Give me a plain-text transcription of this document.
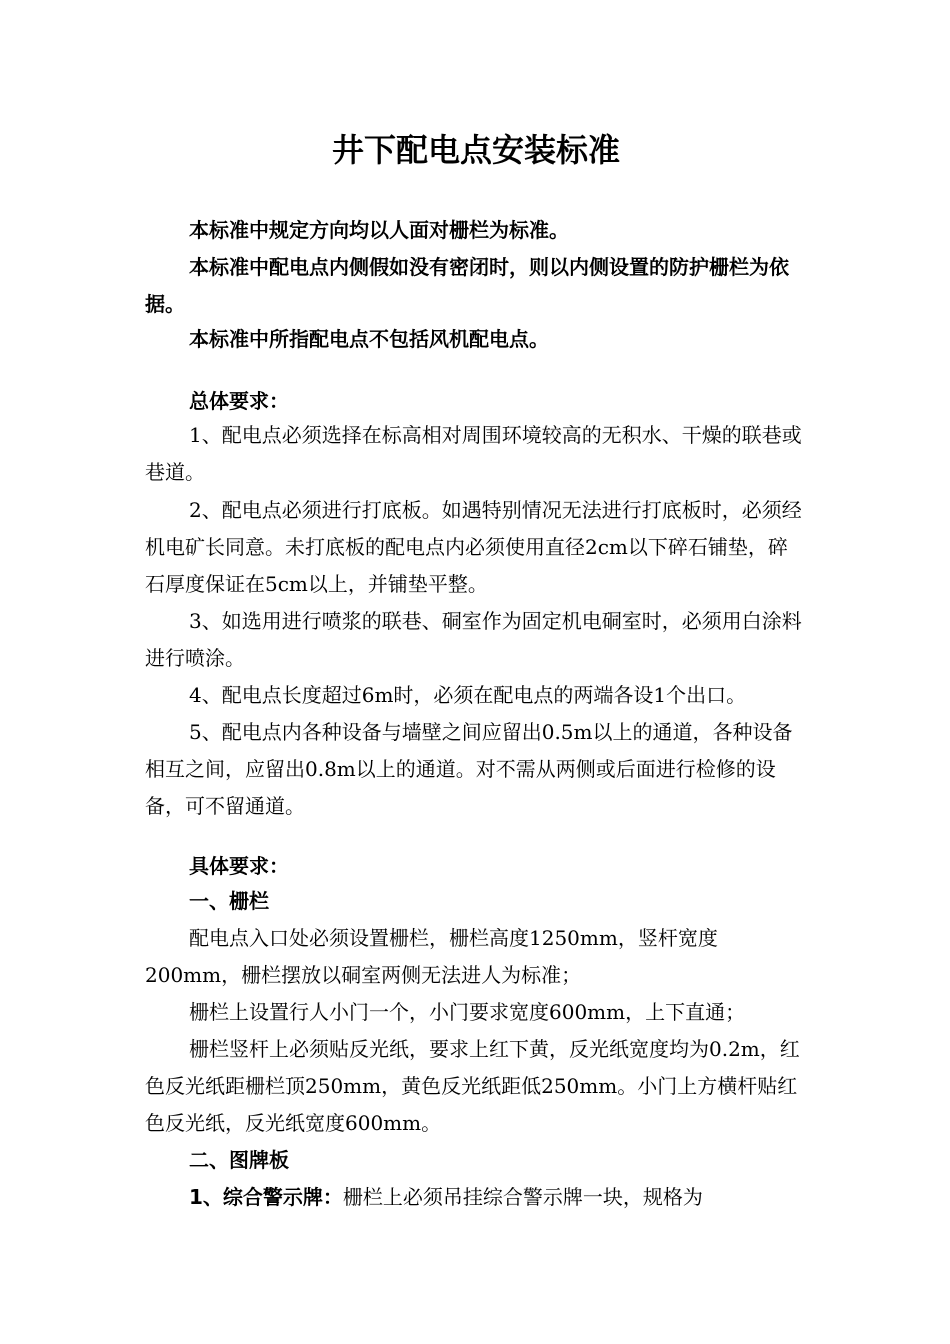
井下配电点安装标准
本标准中规定方向均以人面对栅栏为标准。
本标准中配电点内侧假如没有密闭时，则以内侧设置的防护栅栏为依据。
本标准中所指配电点不包括风机配电点。
总体要求：
1、配电点必须选择在标高相对周围环境较高的无积水、干燥的联巷或巷道。
2、配电点必须进行打底板。如遇特别情况无法进行打底板时，必须经机电矿长同意。未打底板的配电点内必须使用直径2cm以下碎石铺垫，碎石厚度保证在5cm以上，并铺垫平整。
3、如选用进行喷浆的联巷、硐室作为固定机电硐室时，必须用白涂料进行喷涂。
4、配电点长度超过6m时，必须在配电点的两端各设1个出口。
5、配电点内各种设备与墙壁之间应留出0.5m以上的通道，各种设备相互之间，应留出0.8m以上的通道。对不需从两侧或后面进行检修的设备，可不留通道。
具体要求：
一、栅栏
配电点入口处必须设置栅栏，栅栏高度1250mm，竖杆宽度200mm，栅栏摆放以硐室两侧无法进人为标准；
栅栏上设置行人小门一个，小门要求宽度600mm，上下直通；
栅栏竖杆上必须贴反光纸，要求上红下黄，反光纸宽度均为0.2m，红色反光纸距栅栏顶250mm，黄色反光纸距低250mm。小门上方横杆贴红色反光纸，反光纸宽度600mm。
二、图牌板
1、综合警示牌：栅栏上必须吊挂综合警示牌一块，规格为
